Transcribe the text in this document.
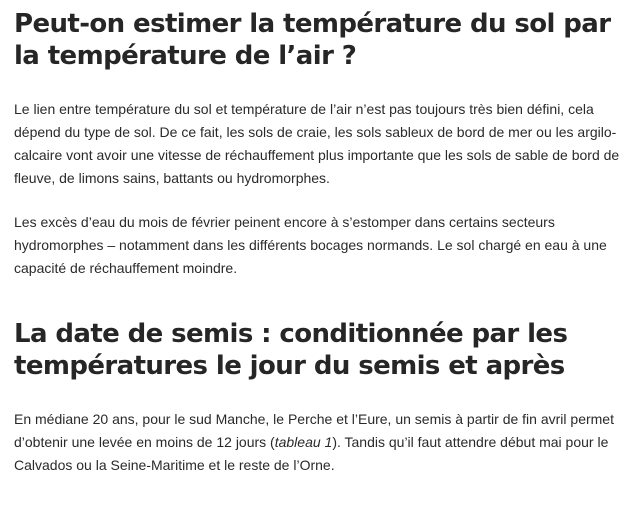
Peut-on estimer la température du sol par la température de l’air ?

Le lien entre température du sol et température de l’air n’est pas toujours très bien défini, cela dépend du type de sol. De ce fait, les sols de craie, les sols sableux de bord de mer ou les argilo-calcaire vont avoir une vitesse de réchauffement plus importante que les sols de sable de bord de fleuve, de limons sains, battants ou hydromorphes.

Les excès d’eau du mois de février peinent encore à s’estomper dans certains secteurs hydromorphes – notamment dans les différents bocages normands. Le sol chargé en eau à une capacité de réchauffement moindre.

La date de semis : conditionnée par les températures le jour du semis et après

En médiane 20 ans, pour le sud Manche, le Perche et l’Eure, un semis à partir de fin avril permet d’obtenir une levée en moins de 12 jours (tableau 1). Tandis qu’il faut attendre début mai pour le Calvados ou la Seine-Maritime et le reste de l’Orne.
